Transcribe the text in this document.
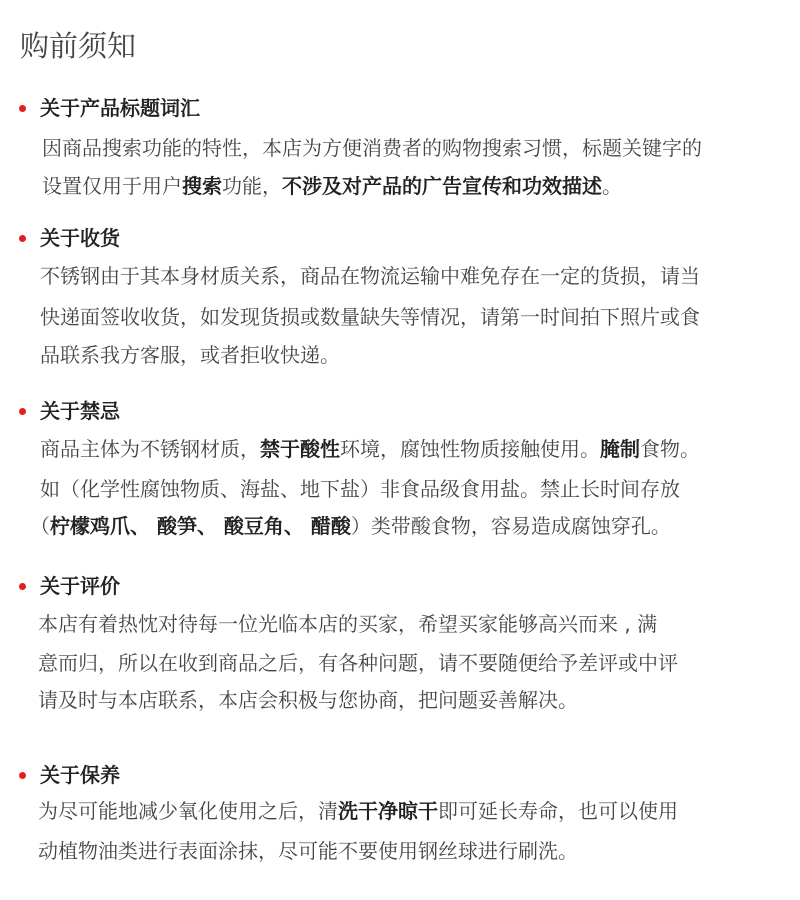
购前须知
关于产品标题词汇

因商品搜索功能的特性，本店为方便消费者的购物搜索习惯，标题关键字的

设置仅用于用户搜索功能，不涉及对产品的广告宣传和功效描述。

关于收货

不锈钢由于其本身材质关系，商品在物流运输中难免存在一定的货损，请当

快递面签收收货，如发现货损或数量缺失等情况，请第一时间拍下照片或食

品联系我方客服，或者拒收快递。

关于禁忌

商品主体为不锈钢材质，禁于酸性环境，腐蚀性物质接触使用。腌制食物。

如（化学性腐蚀物质、海盐、地下盐）非食品级食用盐。禁止长时间存放

（柠檬鸡爪、 酸笋、 酸豆角、 醋酸）类带酸食物，容易造成腐蚀穿孔。

关于评价

本店有着热忱对待每一位光临本店的买家，希望买家能够高兴而来 , 满

意而归，所以在收到商品之后，有各种问题，请不要随便给予差评或中评

请及时与本店联系，本店会积极与您协商，把问题妥善解决。

关于保养

为尽可能地减少氧化使用之后，清洗干净晾干即可延长寿命，也可以使用

动植物油类进行表面涂抹，尽可能不要使用钢丝球进行刷洗。
